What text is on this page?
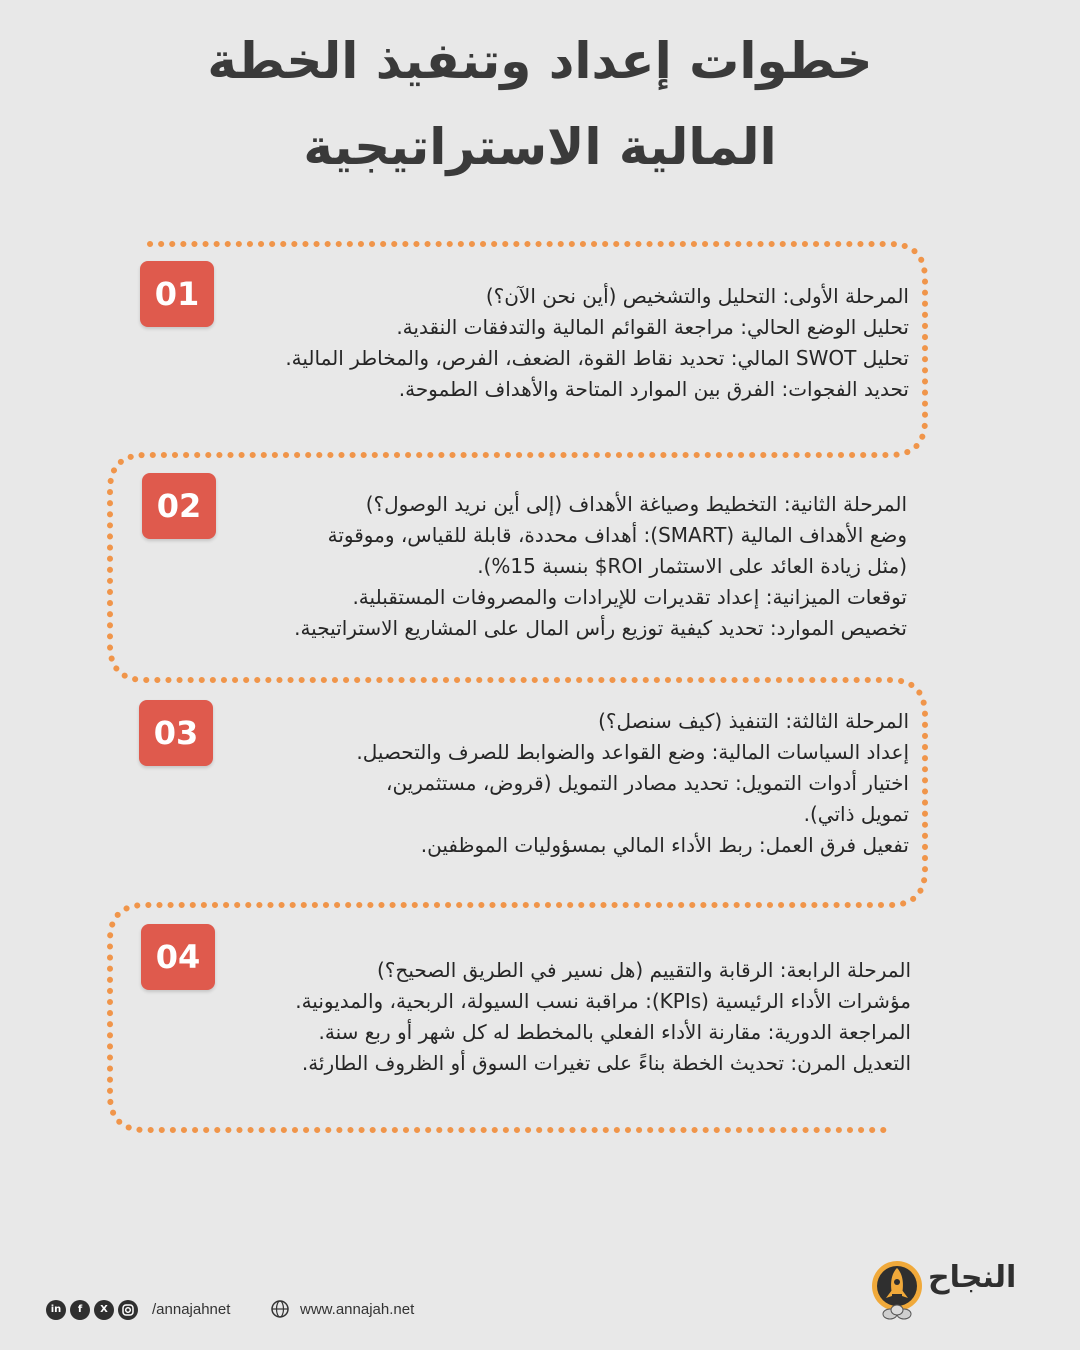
خطوات إعداد وتنفيذ الخطة
المالية الاستراتيجية
01	المرحلة الأولى: التحليل والتشخيص (أين نحن الآن؟)
تحليل الوضع الحالي: مراجعة القوائم المالية والتدفقات النقدية.
تحليل SWOT المالي: تحديد نقاط القوة، الضعف، الفرص، والمخاطر المالية.
تحديد الفجوات: الفرق بين الموارد المتاحة والأهداف الطموحة.
02	المرحلة الثانية: التخطيط وصياغة الأهداف (إلى أين نريد الوصول؟)
وضع الأهداف المالية (SMART): أهداف محددة، قابلة للقياس، وموقوتة
(مثل زيادة العائد على الاستثمار ROI$ بنسبة 15%).
توقعات الميزانية: إعداد تقديرات للإيرادات والمصروفات المستقبلية.
تخصيص الموارد: تحديد كيفية توزيع رأس المال على المشاريع الاستراتيجية.
03	المرحلة الثالثة: التنفيذ (كيف سنصل؟)
إعداد السياسات المالية: وضع القواعد والضوابط للصرف والتحصيل.
اختيار أدوات التمويل: تحديد مصادر التمويل (قروض، مستثمرين،
تمويل ذاتي).
تفعيل فرق العمل: ربط الأداء المالي بمسؤوليات الموظفين.
04	المرحلة الرابعة: الرقابة والتقييم (هل نسير في الطريق الصحيح؟)
مؤشرات الأداء الرئيسية (KPIs): مراقبة نسب السيولة، الربحية، والمديونية.
المراجعة الدورية: مقارنة الأداء الفعلي بالمخطط له كل شهر أو ربع سنة.
التعديل المرن: تحديث الخطة بناءً على تغيرات السوق أو الظروف الطارئة.
in	f	X	/annajahnet	www.annajah.net
النجاح
